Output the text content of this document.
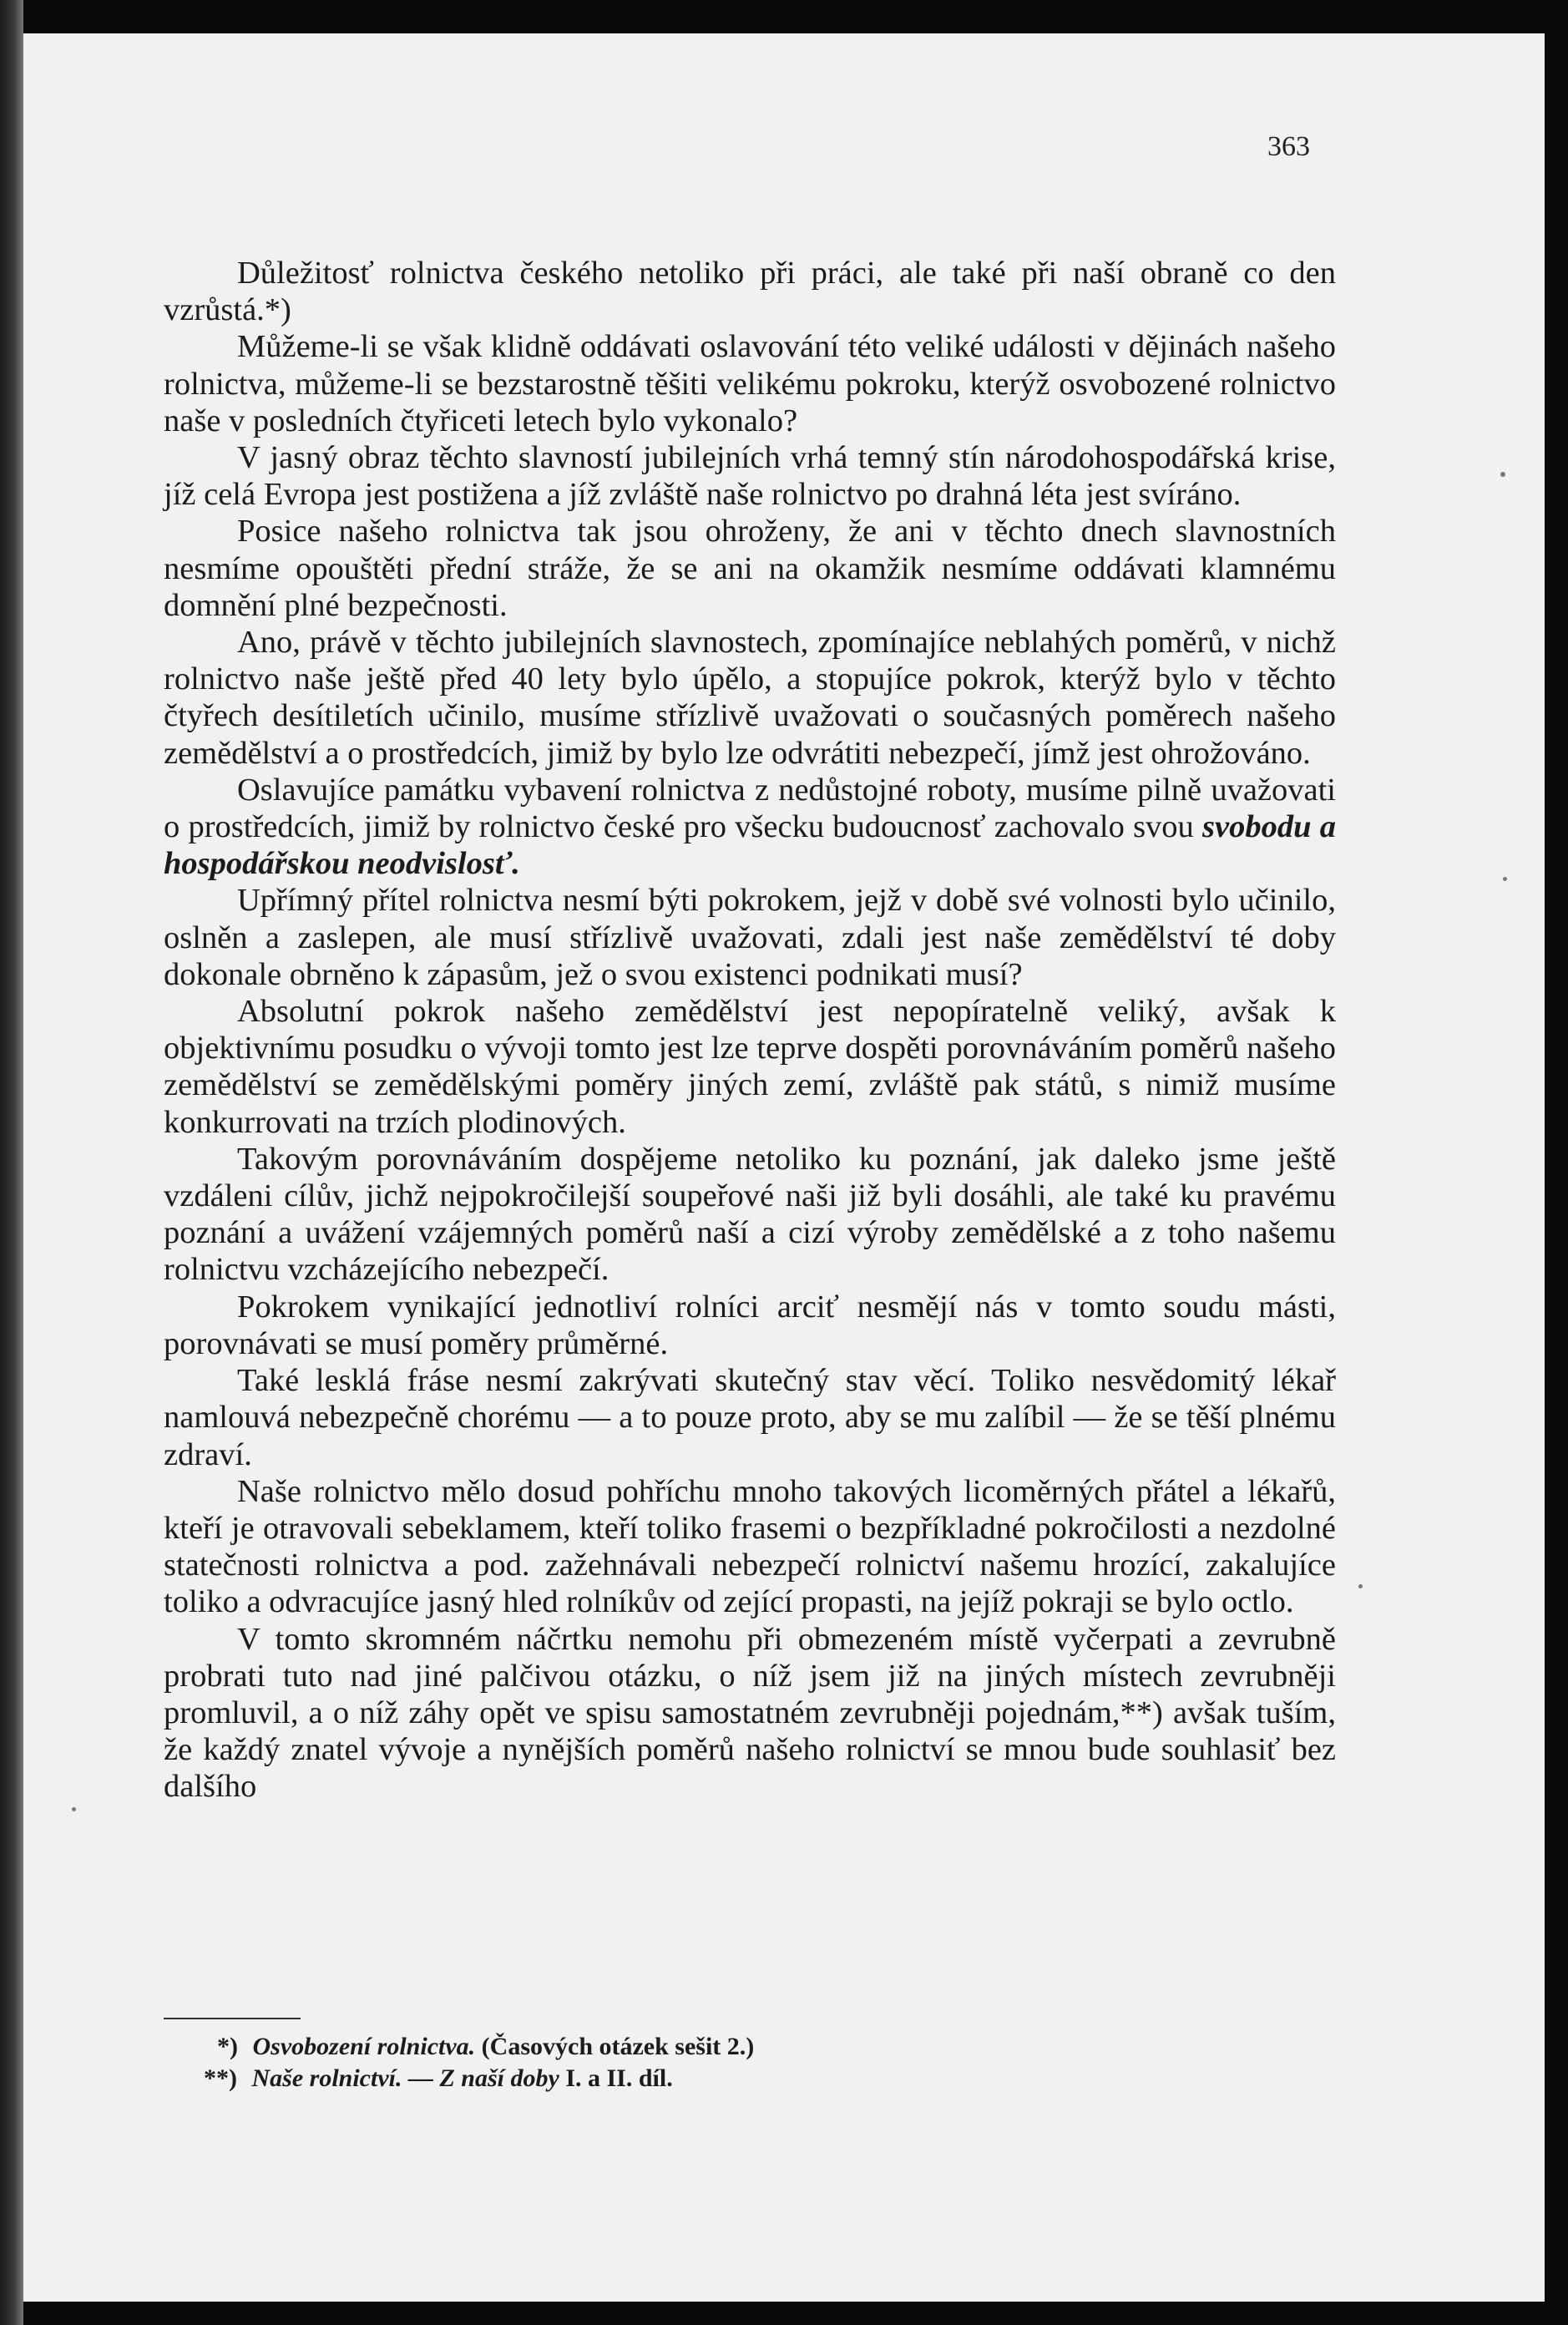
363

Důležitosť rolnictva českého netoliko při práci, ale také při naší obraně co den vzrůstá.*)

Můžeme-li se však klidně oddávati oslavování této veliké události v dějinách našeho rolnictva, můžeme-li se bezstarostně těšiti velikému pokroku, kterýž osvobozené rolnictvo naše v posledních čtyřiceti letech bylo vykonalo?

V jasný obraz těchto slavností jubilejních vrhá temný stín národohospodářská krise, jíž celá Evropa jest postižena a jíž zvláště naše rolnictvo po drahná léta jest svíráno.

Posice našeho rolnictva tak jsou ohroženy, že ani v těchto dnech slavnostních nesmíme opouštěti přední stráže, že se ani na okamžik nesmíme oddávati klamnému domnění plné bezpečnosti.

Ano, právě v těchto jubilejních slavnostech, zpomínajíce neblahých poměrů, v nichž rolnictvo naše ještě před 40 lety bylo úpělo, a stopujíce pokrok, kterýž bylo v těchto čtyřech desítiletích učinilo, musíme střízlivě uvažovati o současných poměrech našeho zemědělství a o prostředcích, jimiž by bylo lze odvrátiti nebezpečí, jímž jest ohrožováno.

Oslavujíce památku vybavení rolnictva z nedůstojné roboty, musíme pilně uvažovati o prostředcích, jimiž by rolnictvo české pro všecku budoucnosť zachovalo svou svobodu a hospodářskou neodvislosť.

Upřímný přítel rolnictva nesmí býti pokrokem, jejž v době své volnosti bylo učinilo, oslněn a zaslepen, ale musí střízlivě uvažovati, zdali jest naše zemědělství té doby dokonale obrněno k zápasům, jež o svou existenci podnikati musí?

Absolutní pokrok našeho zemědělství jest nepopíratelně veliký, avšak k objektivnímu posudku o vývoji tomto jest lze teprve dospěti porovnáváním poměrů našeho zemědělství se zemědělskými poměry jiných zemí, zvláště pak států, s nimiž musíme konkurrovati na trzích plodinových.

Takovým porovnáváním dospějeme netoliko ku poznání, jak daleko jsme ještě vzdáleni cílův, jichž nejpokročilejší soupeřové naši již byli dosáhli, ale také ku pravému poznání a uvážení vzájemných poměrů naší a cizí výroby zemědělské a z toho našemu rolnictvu vzcházejícího nebezpečí.

Pokrokem vynikající jednotliví rolníci arciť nesmějí nás v tomto soudu másti, porovnávati se musí poměry průměrné.

Také lesklá fráse nesmí zakrývati skutečný stav věcí. Toliko nesvědomitý lékař namlouvá nebezpečně chorému — a to pouze proto, aby se mu zalíbil — že se těší plnému zdraví.

Naše rolnictvo mělo dosud pohříchu mnoho takových licoměrných přátel a lékařů, kteří je otravovali sebeklamem, kteří toliko frasemi o bezpříkladné pokročilosti a nezdolné statečnosti rolnictva a pod. zažehnávali nebezpečí rolnictví našemu hrozící, zakalujíce toliko a odvracujíce jasný hled rolníkův od zející propasti, na jejíž pokraji se bylo octlo.

V tomto skromném náčrtku nemohu při obmezeném místě vyčerpati a zevrubně probrati tuto nad jiné palčivou otázku, o níž jsem již na jiných místech zevrubněji promluvil, a o níž záhy opět ve spisu samostatném zevrubněji pojednám,**) avšak tuším, že každý znatel vývoje a nynějších poměrů našeho rolnictví se mnou bude souhlasiť bez dalšího

*) Osvobození rolnictva. (Časových otázek sešit 2.)
**) Naše rolnictví. — Z naší doby I. a II. díl.
